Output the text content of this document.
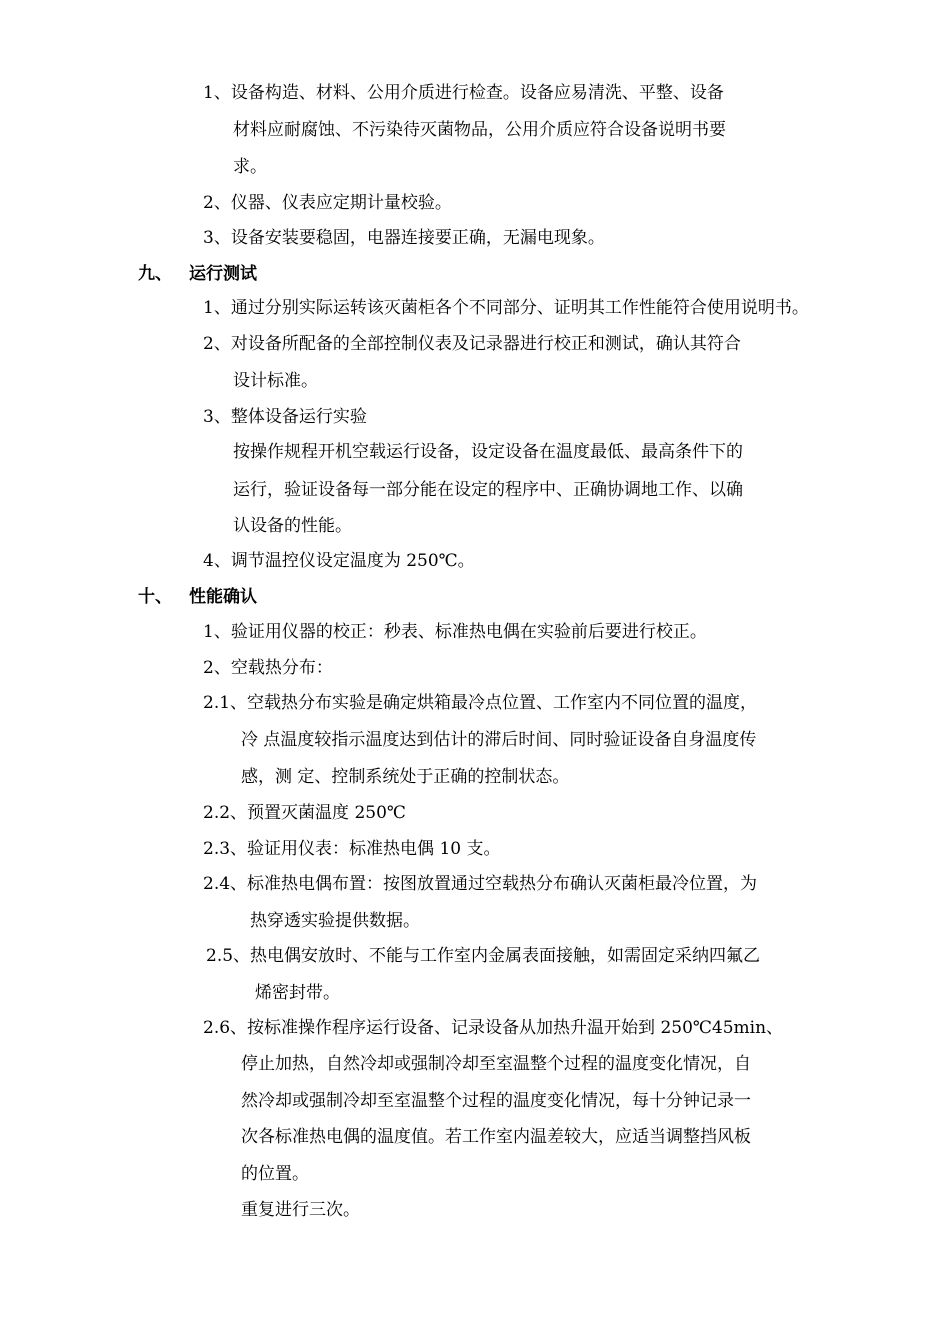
1、设备构造、材料、公用介质进行检查。设备应易清洗、平整、设备
材料应耐腐蚀、不污染待灭菌物品，公用介质应符合设备说明书要
求。
2、仪器、仪表应定期计量校验。
3、设备安装要稳固，电器连接要正确，无漏电现象。
九、 运行测试
1、通过分别实际运转该灭菌柜各个不同部分、证明其工作性能符合使用说明书。
2、对设备所配备的全部控制仪表及记录器进行校正和测试，确认其符合
设计标准。
3、整体设备运行实验
按操作规程开机空载运行设备，设定设备在温度最低、最高条件下的
运行，验证设备每一部分能在设定的程序中、正确协调地工作、以确
认设备的性能。
4、调节温控仪设定温度为 250℃。
十、 性能确认
1、验证用仪器的校正：秒表、标准热电偶在实验前后要进行校正。
2、空载热分布：
2.1、空载热分布实验是确定烘箱最冷点位置、工作室内不同位置的温度，
冷 点温度较指示温度达到估计的滞后时间、同时验证设备自身温度传
感，测 定、控制系统处于正确的控制状态。
2.2、预置灭菌温度 250℃
2.3、验证用仪表：标准热电偶 10 支。
2.4、标准热电偶布置：按图放置通过空载热分布确认灭菌柜最冷位置，为
热穿透实验提供数据。
2.5、热电偶安放时、不能与工作室内金属表面接触，如需固定采纳四氟乙
烯密封带。
2.6、按标准操作程序运行设备、记录设备从加热升温开始到 250℃45min、
停止加热，自然冷却或强制冷却至室温整个过程的温度变化情况，自
然冷却或强制冷却至室温整个过程的温度变化情况，每十分钟记录一
次各标准热电偶的温度值。若工作室内温差较大，应适当调整挡风板
的位置。
重复进行三次。
